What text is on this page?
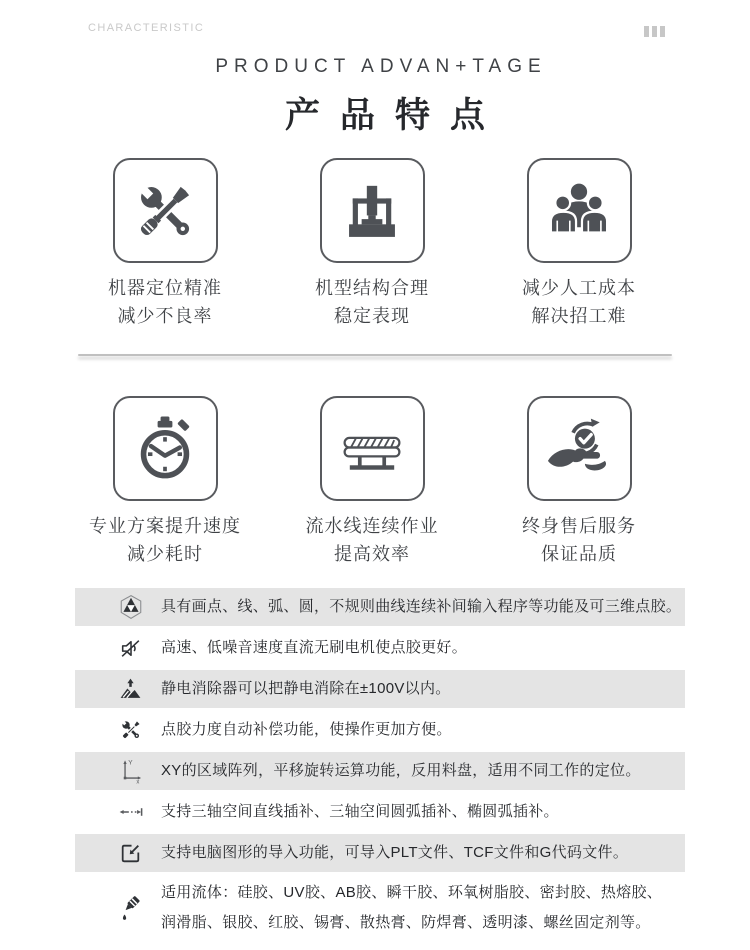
CHARACTERISTIC
PRODUCT ADVAN+TAGE
产品特点
机器定位精准
减少不良率
机型结构合理
稳定表现
减少人工成本
解决招工难
专业方案提升速度
减少耗时
流水线连续作业
提高效率
终身售后服务
保证品质
具有画点、线、弧、圆，不规则曲线连续补间输入程序等功能及可三维点胶。
高速、低噪音速度直流无刷电机使点胶更好。
静电消除器可以把静电消除在±100V以内。
点胶力度自动补偿功能，使操作更加方便。
Y
x
XY的区域阵列，平移旋转运算功能，反用料盘，适用不同工作的定位。
支持三轴空间直线插补、三轴空间圆弧插补、椭圆弧插补。
支持电脑图形的导入功能，可导入PLT文件、TCF文件和G代码文件。
适用流体：硅胶、UV胶、AB胶、瞬干胶、环氧树脂胶、密封胶、热熔胶、
润滑脂、银胶、红胶、锡膏、散热膏、防焊膏、透明漆、螺丝固定剂等。
